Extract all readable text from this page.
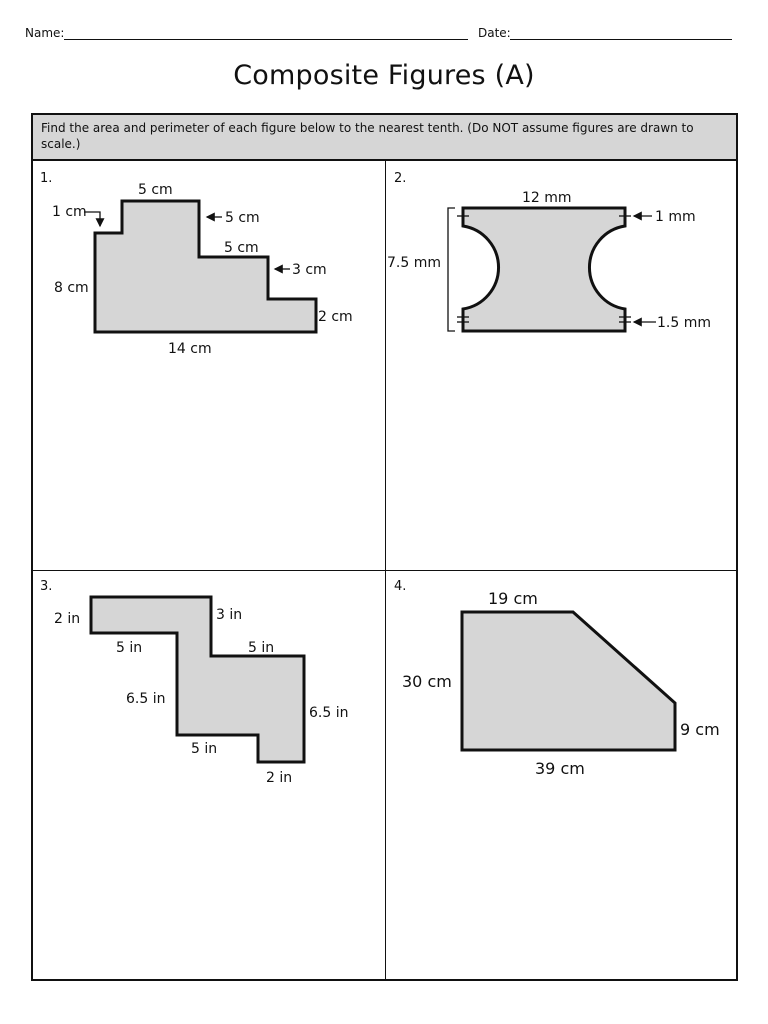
Name:	Date:
Composite Figures (A)
Find the area and perimeter of each figure below to the nearest tenth. (Do NOT assume figures are drawn to scale.)
1.	2.
3.	4.
5 cm
1 cm	5 cm
5 cm
3 cm
8 cm
2 cm
14 cm
12 mm
1 mm
7.5 mm
1.5 mm
2 in	3 in
5 in	5 in
6.5 in
6.5 in
5 in
2 in
19 cm
30 cm
9 cm
39 cm
